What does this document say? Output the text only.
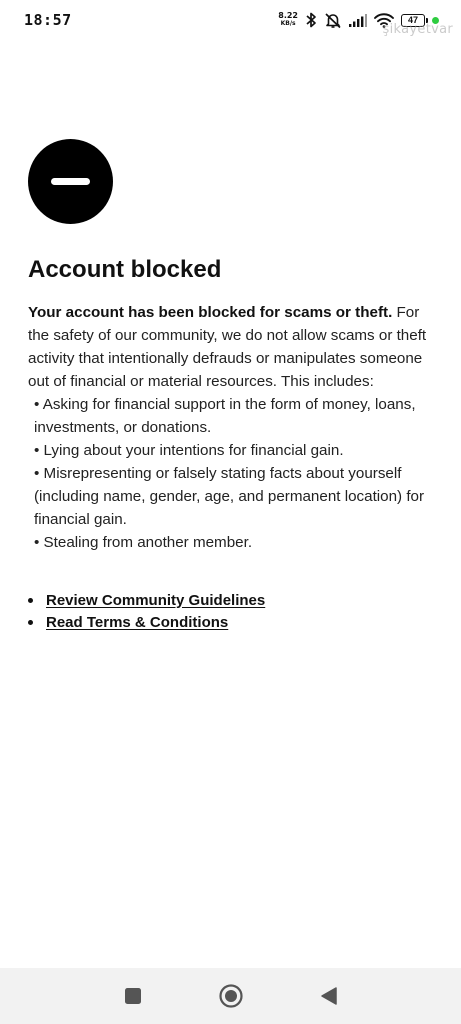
18:57	8.22
KB/s	47
şikayetvar
Account blocked
Your account has been blocked for scams or theft. For the safety of our community, we do not allow scams or theft activity that intentionally defrauds or manipulates someone out of financial or material resources. This includes:
• Asking for financial support in the form of money, loans, investments, or donations.
• Lying about your intentions for financial gain.
• Misrepresenting or falsely stating facts about yourself (including name, gender, age, and permanent location) for financial gain.
• Stealing from another member.
Review Community Guidelines
Read Terms & Conditions
